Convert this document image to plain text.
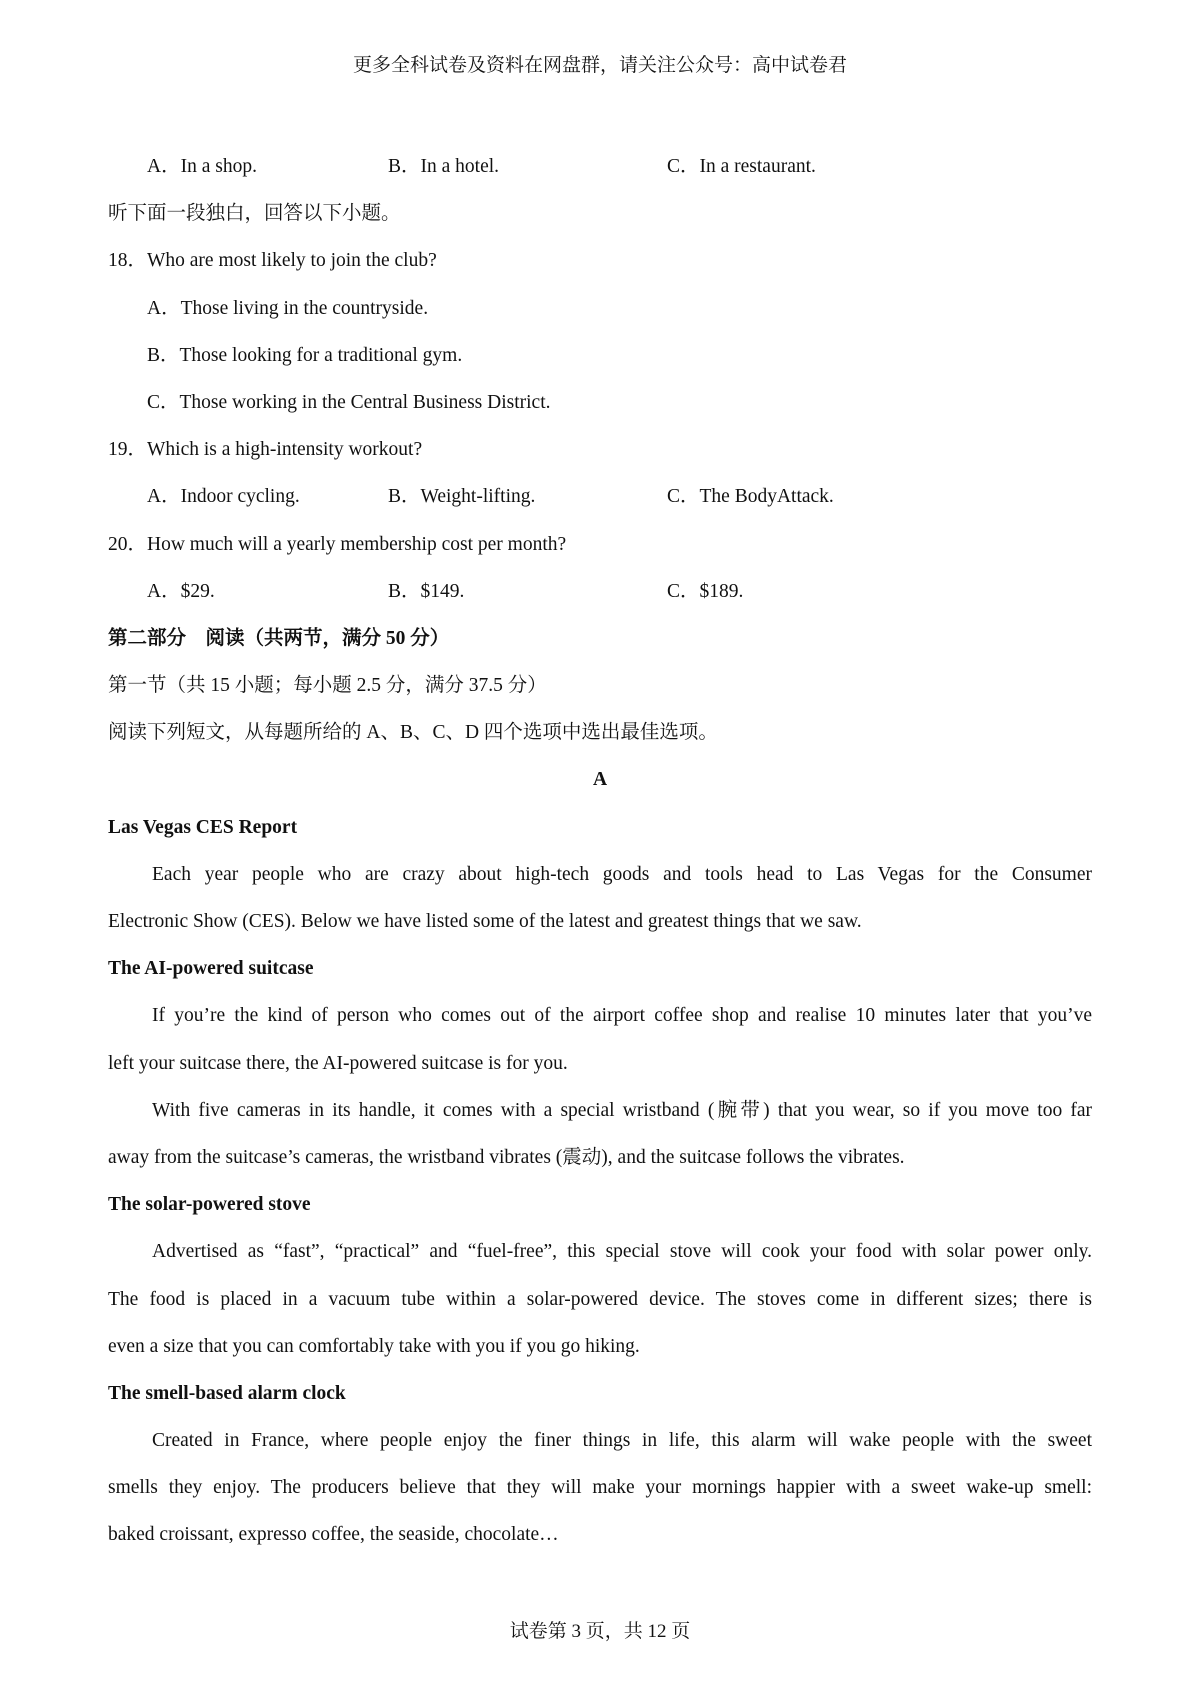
更多全科试卷及资料在网盘群，请关注公众号：高中试卷君
A．In a shop.	B．In a hotel.	C．In a restaurant.
听下面一段独白，回答以下小题。
18．Who are most likely to join the club?
A．Those living in the countryside.
B．Those looking for a traditional gym.
C．Those working in the Central Business District.
19．Which is a high-intensity workout?
A．Indoor cycling.	B．Weight-lifting.	C．The BodyAttack.
20．How much will a yearly membership cost per month?
A．$29.	B．$149.	C．$189.
第二部分　阅读（共两节，满分 50 分）
第一节（共 15 小题；每小题 2.5 分，满分 37.5 分）
阅读下列短文，从每题所给的 A、B、C、D 四个选项中选出最佳选项。
A
Las Vegas CES Report
Each year people who are crazy about high-tech goods and tools head to Las Vegas for the Consumer
Electronic Show (CES). Below we have listed some of the latest and greatest things that we saw.
The AI-powered suitcase
If you’re the kind of person who comes out of the airport coffee shop and realise 10 minutes later that you’ve
left your suitcase there, the AI-powered suitcase is for you.
With five cameras in its handle, it comes with a special wristband (腕带) that you wear, so if you move too far
away from the suitcase’s cameras, the wristband vibrates (震动), and the suitcase follows the vibrates.
The solar-powered stove
Advertised as “fast”, “practical” and “fuel-free”, this special stove will cook your food with solar power only.
The food is placed in a vacuum tube within a solar-powered device. The stoves come in different sizes; there is
even a size that you can comfortably take with you if you go hiking.
The smell-based alarm clock
Created in France, where people enjoy the finer things in life, this alarm will wake people with the sweet
smells they enjoy. The producers believe that they will make your mornings happier with a sweet wake-up smell:
baked croissant, expresso coffee, the seaside, chocolate…
试卷第 3 页，共 12 页
